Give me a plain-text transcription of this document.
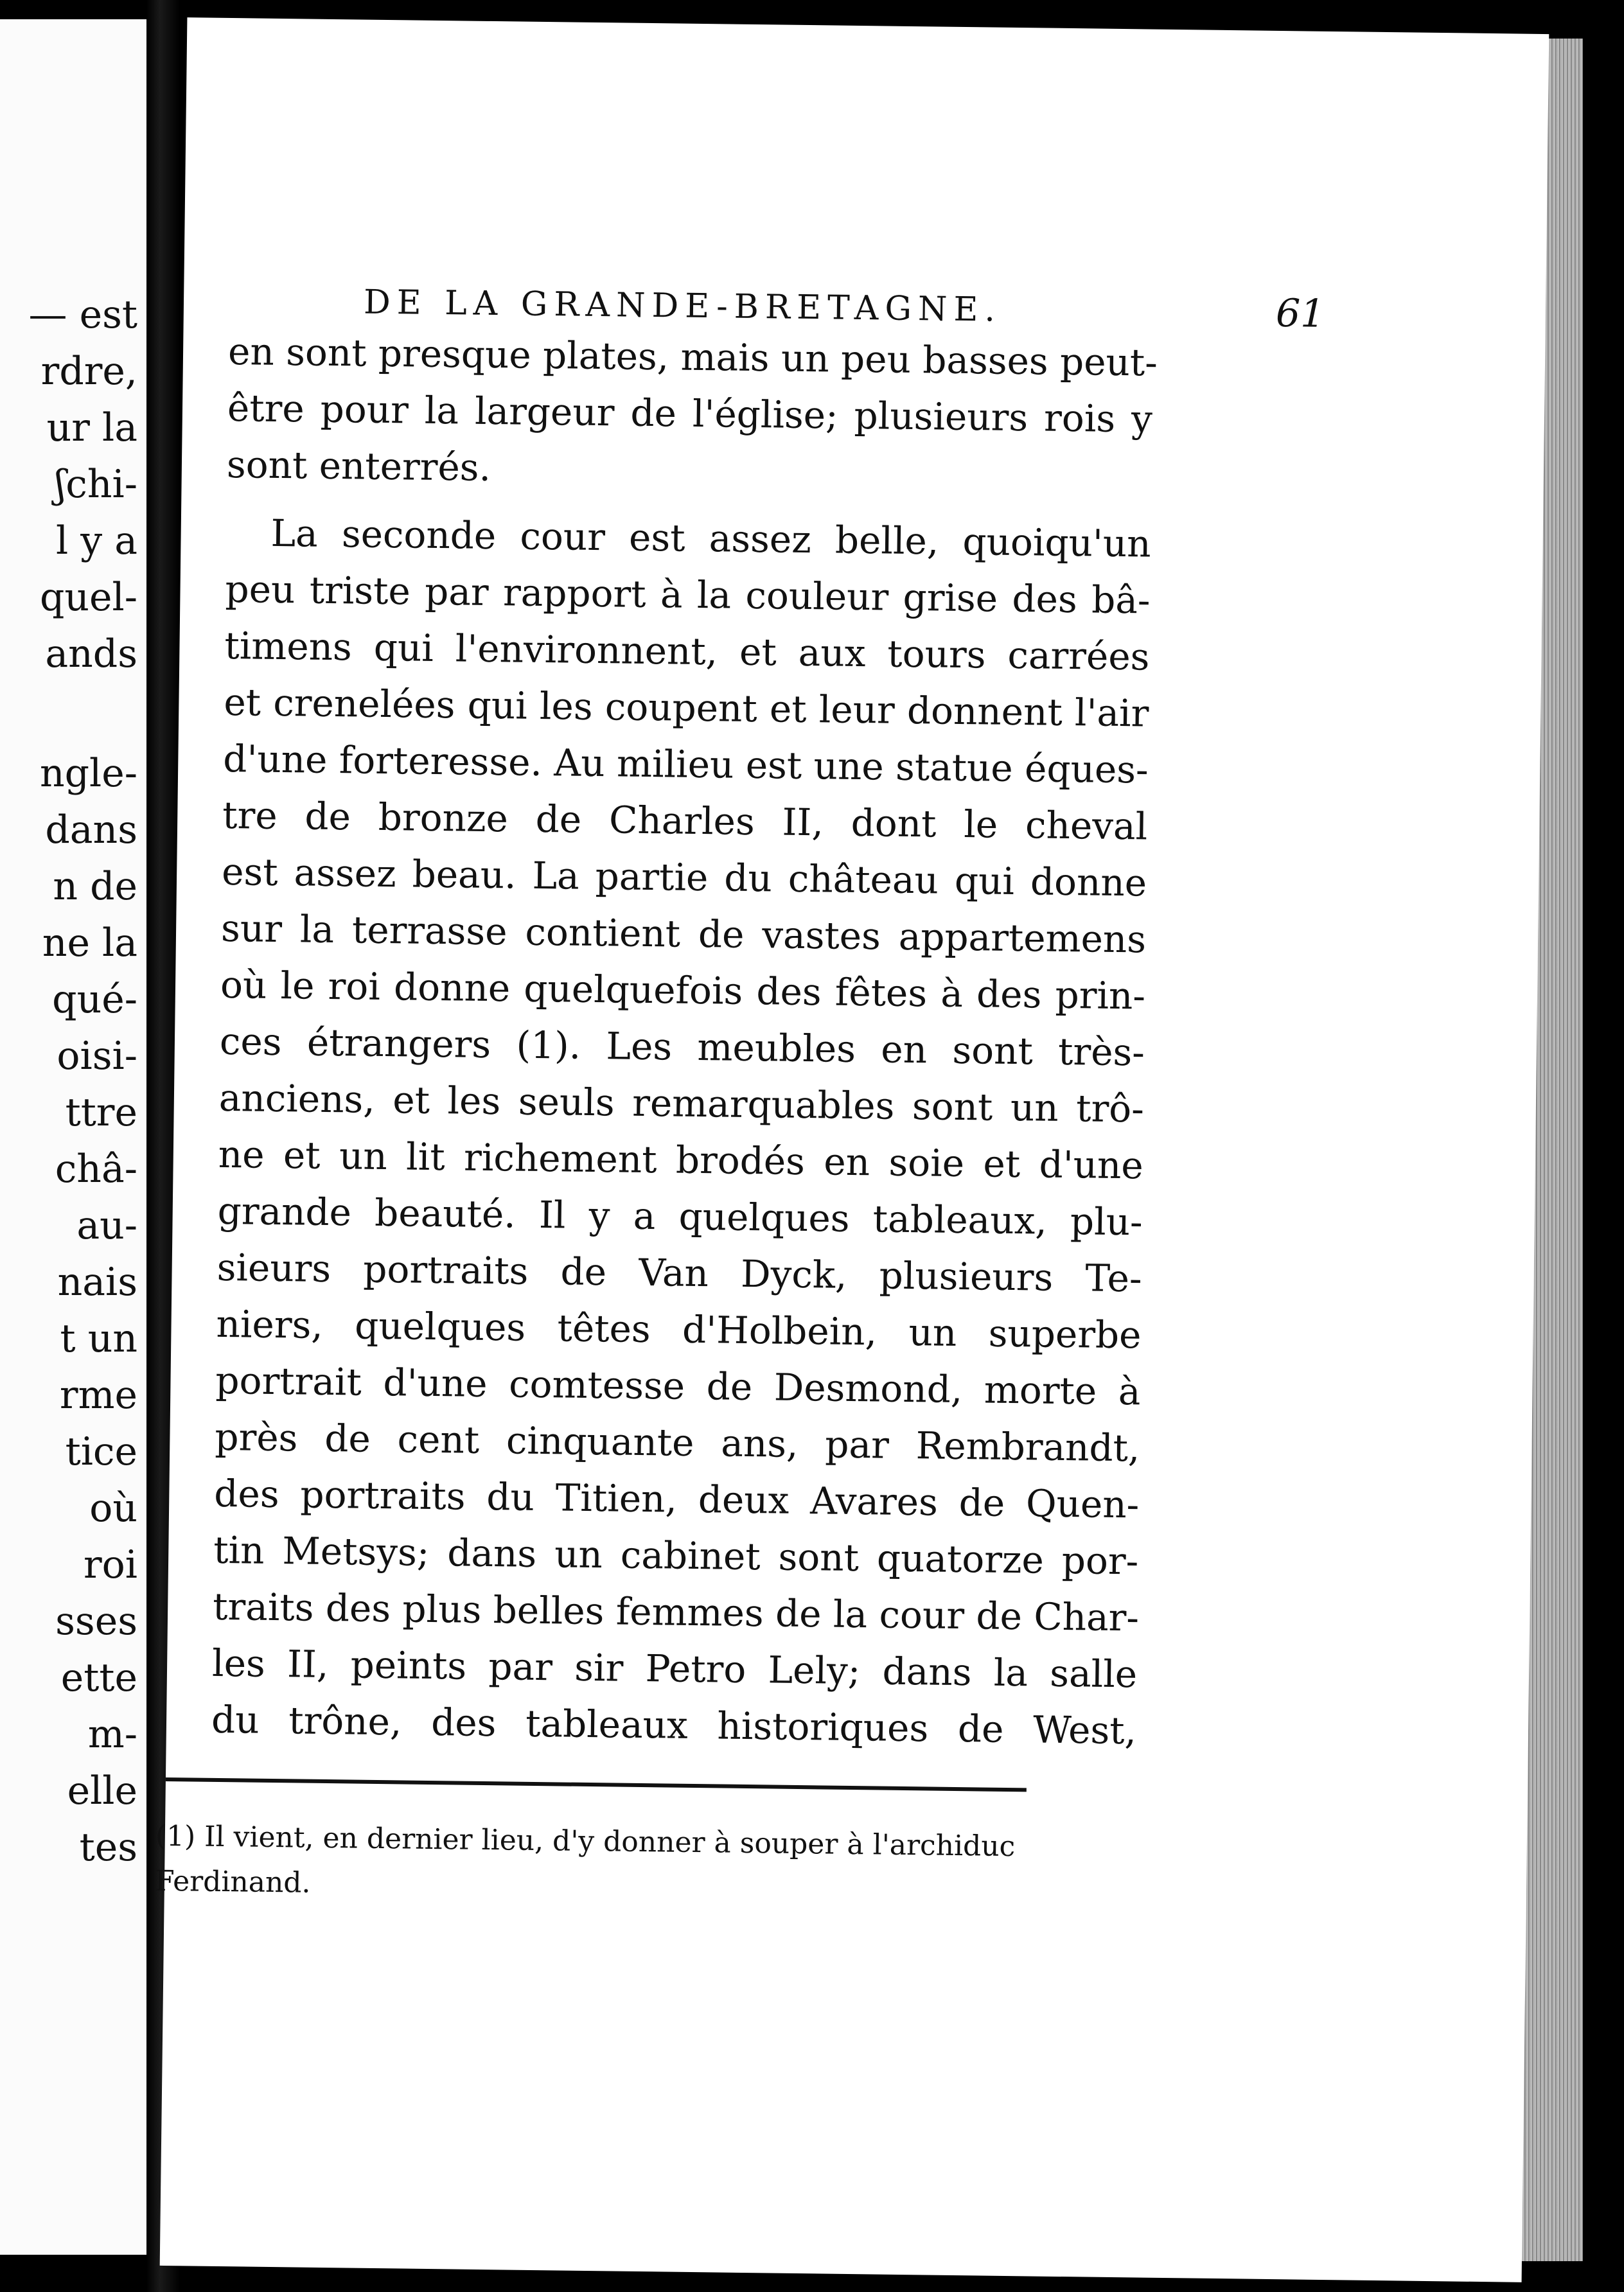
— est
rdre,
ur la
ʃchi-
l y a
quel-
ands
ngle-
dans
n de
ne la
qué-
oisi-
ttre
châ-
au-
nais
t un
rme
tice
où
roi
sses
ette
m-
elle
tes
DE LA GRANDE-BRETAGNE.	61
en sont presque plates, mais un peu basses peut-
être pour la largeur de l'église; plusieurs rois y
sont enterrés.
La seconde cour est assez belle, quoiqu'un
peu triste par rapport à la couleur grise des bâ-
timens qui l'environnent, et aux tours carrées
et crenelées qui les coupent et leur donnent l'air
d'une forteresse. Au milieu est une statue éques-
tre de bronze de Charles II, dont le cheval
est assez beau. La partie du château qui donne
sur la terrasse contient de vastes appartemens
où le roi donne quelquefois des fêtes à des prin-
ces étrangers (1). Les meubles en sont très-
anciens, et les seuls remarquables sont un trô-
ne et un lit richement brodés en soie et d'une
grande beauté. Il y a quelques tableaux, plu-
sieurs portraits de Van Dyck, plusieurs Te-
niers, quelques têtes d'Holbein, un superbe
portrait d'une comtesse de Desmond, morte à
près de cent cinquante ans, par Rembrandt,
des portraits du Titien, deux Avares de Quen-
tin Metsys; dans un cabinet sont quatorze por-
traits des plus belles femmes de la cour de Char-
les II, peints par sir Petro Lely; dans la salle
du trône, des tableaux historiques de West,
(1) Il vient, en dernier lieu, d'y donner à souper à l'archiduc
Ferdinand.
